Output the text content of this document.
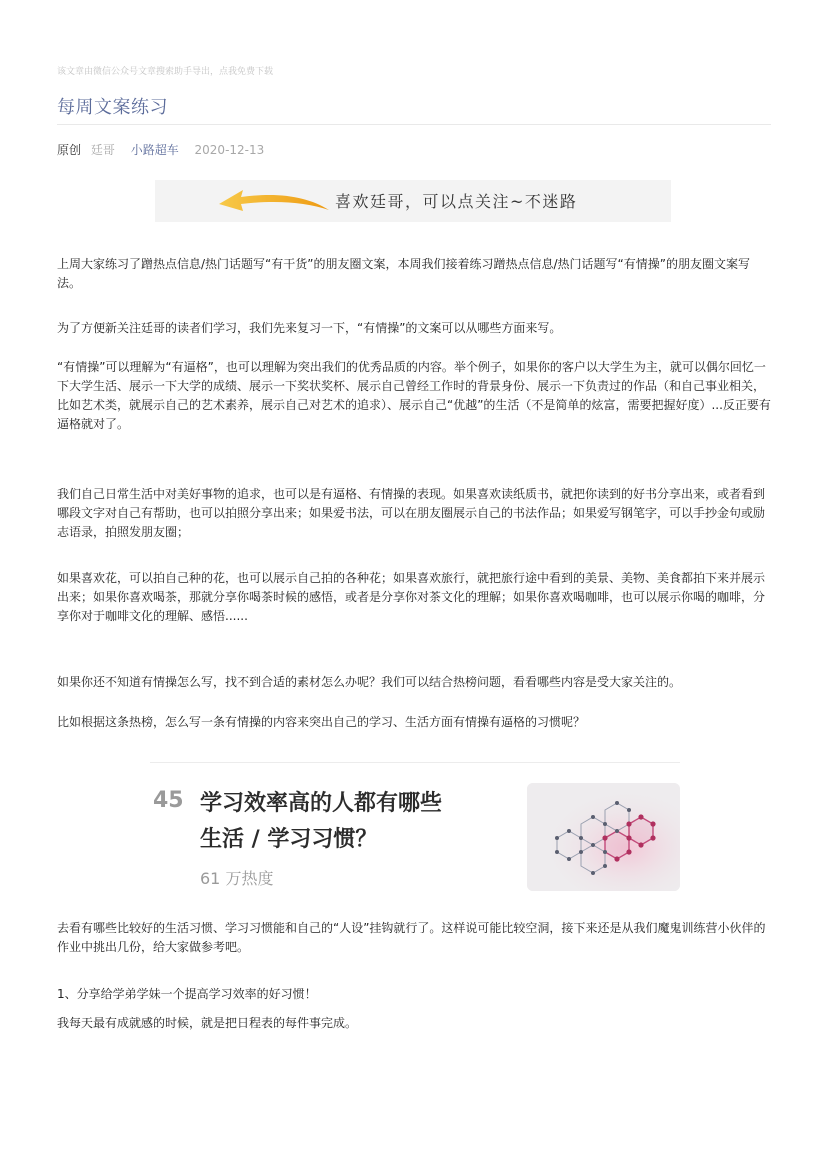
该文章由微信公众号文章搜索助手导出，点我免费下载
每周文案练习
原创 廷哥 小路超车 2020-12-13
喜欢廷哥，可以点关注~不迷路
上周大家练习了蹭热点信息/热门话题写“有干货”的朋友圈文案，本周我们接着练习蹭热点信息/热门话题写“有情操”的朋友圈文案写法。
为了方便新关注廷哥的读者们学习，我们先来复习一下，“有情操”的文案可以从哪些方面来写。
“有情操”可以理解为“有逼格”，也可以理解为突出我们的优秀品质的内容。举个例子，如果你的客户以大学生为主，就可以偶尔回忆一下大学生活、展示一下大学的成绩、展示一下奖状奖杯、展示自己曾经工作时的背景身份、展示一下负责过的作品（和自己事业相关，比如艺术类，就展示自己的艺术素养，展示自己对艺术的追求）、展示自己“优越”的生活（不是简单的炫富，需要把握好度）...反正要有逼格就对了。
我们自己日常生活中对美好事物的追求，也可以是有逼格、有情操的表现。如果喜欢读纸质书，就把你读到的好书分享出来，或者看到哪段文字对自己有帮助，也可以拍照分享出来；如果爱书法，可以在朋友圈展示自己的书法作品；如果爱写钢笔字，可以手抄金句或励志语录，拍照发朋友圈；
如果喜欢花，可以拍自己种的花，也可以展示自己拍的各种花；如果喜欢旅行，就把旅行途中看到的美景、美物、美食都拍下来并展示出来；如果你喜欢喝茶，那就分享你喝茶时候的感悟，或者是分享你对茶文化的理解；如果你喜欢喝咖啡，也可以展示你喝的咖啡，分享你对于咖啡文化的理解、感悟......
如果你还不知道有情操怎么写，找不到合适的素材怎么办呢？我们可以结合热榜问题，看看哪些内容是受大家关注的。
比如根据这条热榜，怎么写一条有情操的内容来突出自己的学习、生活方面有情操有逼格的习惯呢？
45 学习效率高的人都有哪些
生活 / 学习习惯？
61 万热度
去看有哪些比较好的生活习惯、学习习惯能和自己的“人设”挂钩就行了。这样说可能比较空洞，接下来还是从我们魔鬼训练营小伙伴的作业中挑出几份，给大家做参考吧。
1、分享给学弟学妹一个提高学习效率的好习惯！
我每天最有成就感的时候，就是把日程表的每件事完成。
